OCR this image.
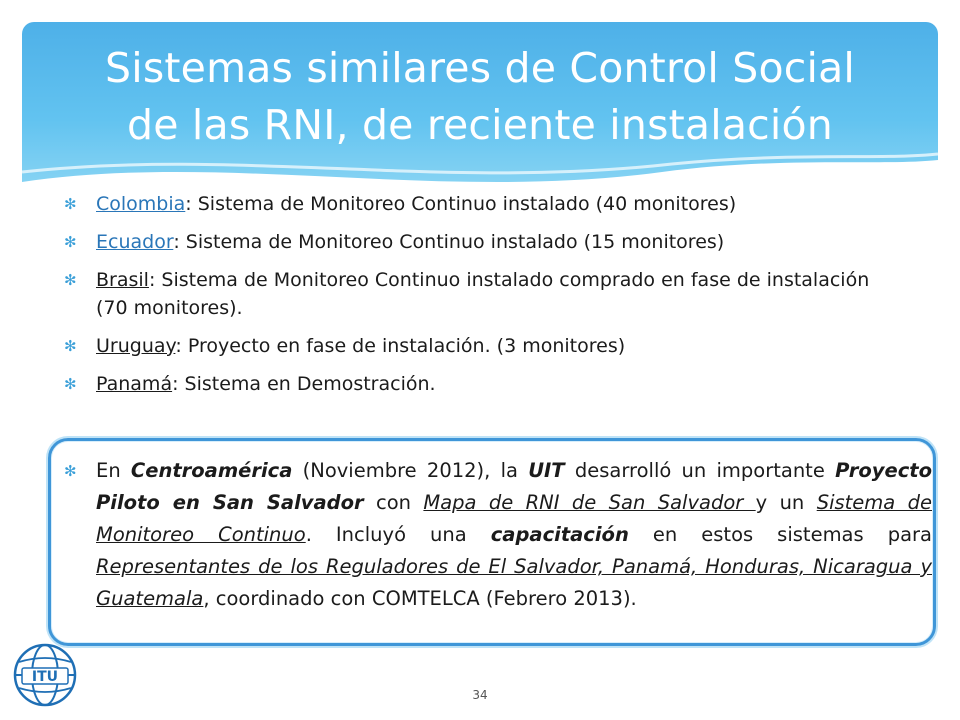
Sistemas similares de Control Social
de las RNI, de reciente instalación
✻ Colombia: Sistema de Monitoreo Continuo instalado (40 monitores)
✻ Ecuador: Sistema de Monitoreo Continuo instalado (15 monitores)
✻ Brasil: Sistema de Monitoreo Continuo instalado comprado en fase de instalación (70 monitores).
✻ Uruguay: Proyecto en fase de instalación. (3 monitores)
✻ Panamá: Sistema en Demostración.
✻ En Centroamérica (Noviembre 2012), la UIT desarrolló un importante Proyecto Piloto en San Salvador con Mapa de RNI de San Salvador y un Sistema de Monitoreo Continuo. Incluyó una capacitación en estos sistemas para Representantes de los Reguladores de El Salvador, Panamá, Honduras, Nicaragua y Guatemala, coordinado con COMTELCA (Febrero 2013).
ITU
34
